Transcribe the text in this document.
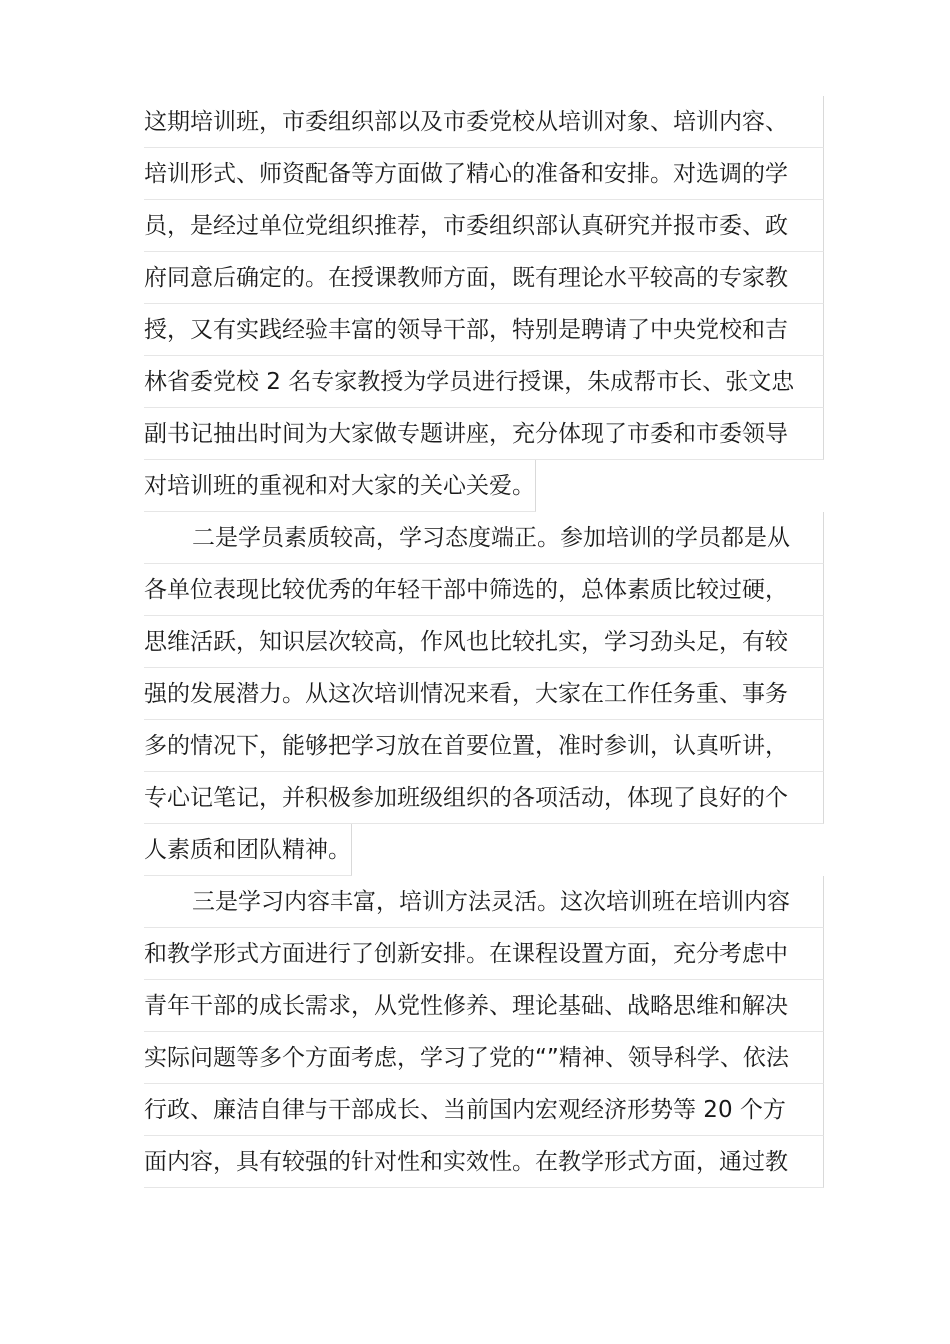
这期培训班，市委组织部以及市委党校从培训对象、培训内容、
培训形式、师资配备等方面做了精心的准备和安排。对选调的学
员，是经过单位党组织推荐，市委组织部认真研究并报市委、政
府同意后确定的。在授课教师方面，既有理论水平较高的专家教
授，又有实践经验丰富的领导干部，特别是聘请了中央党校和吉
林省委党校 2 名专家教授为学员进行授课，朱成帮市长、张文忠
副书记抽出时间为大家做专题讲座，充分体现了市委和市委领导
对培训班的重视和对大家的关心关爱。
二是学员素质较高，学习态度端正。参加培训的学员都是从
各单位表现比较优秀的年轻干部中筛选的，总体素质比较过硬，
思维活跃，知识层次较高，作风也比较扎实，学习劲头足，有较
强的发展潜力。从这次培训情况来看，大家在工作任务重、事务
多的情况下，能够把学习放在首要位置，准时参训，认真听讲，
专心记笔记，并积极参加班级组织的各项活动，体现了良好的个
人素质和团队精神。
三是学习内容丰富，培训方法灵活。这次培训班在培训内容
和教学形式方面进行了创新安排。在课程设置方面，充分考虑中
青年干部的成长需求，从党性修养、理论基础、战略思维和解决
实际问题等多个方面考虑，学习了党的“”精神、领导科学、依法
行政、廉洁自律与干部成长、当前国内宏观经济形势等 20 个方
面内容，具有较强的针对性和实效性。在教学形式方面，通过教
